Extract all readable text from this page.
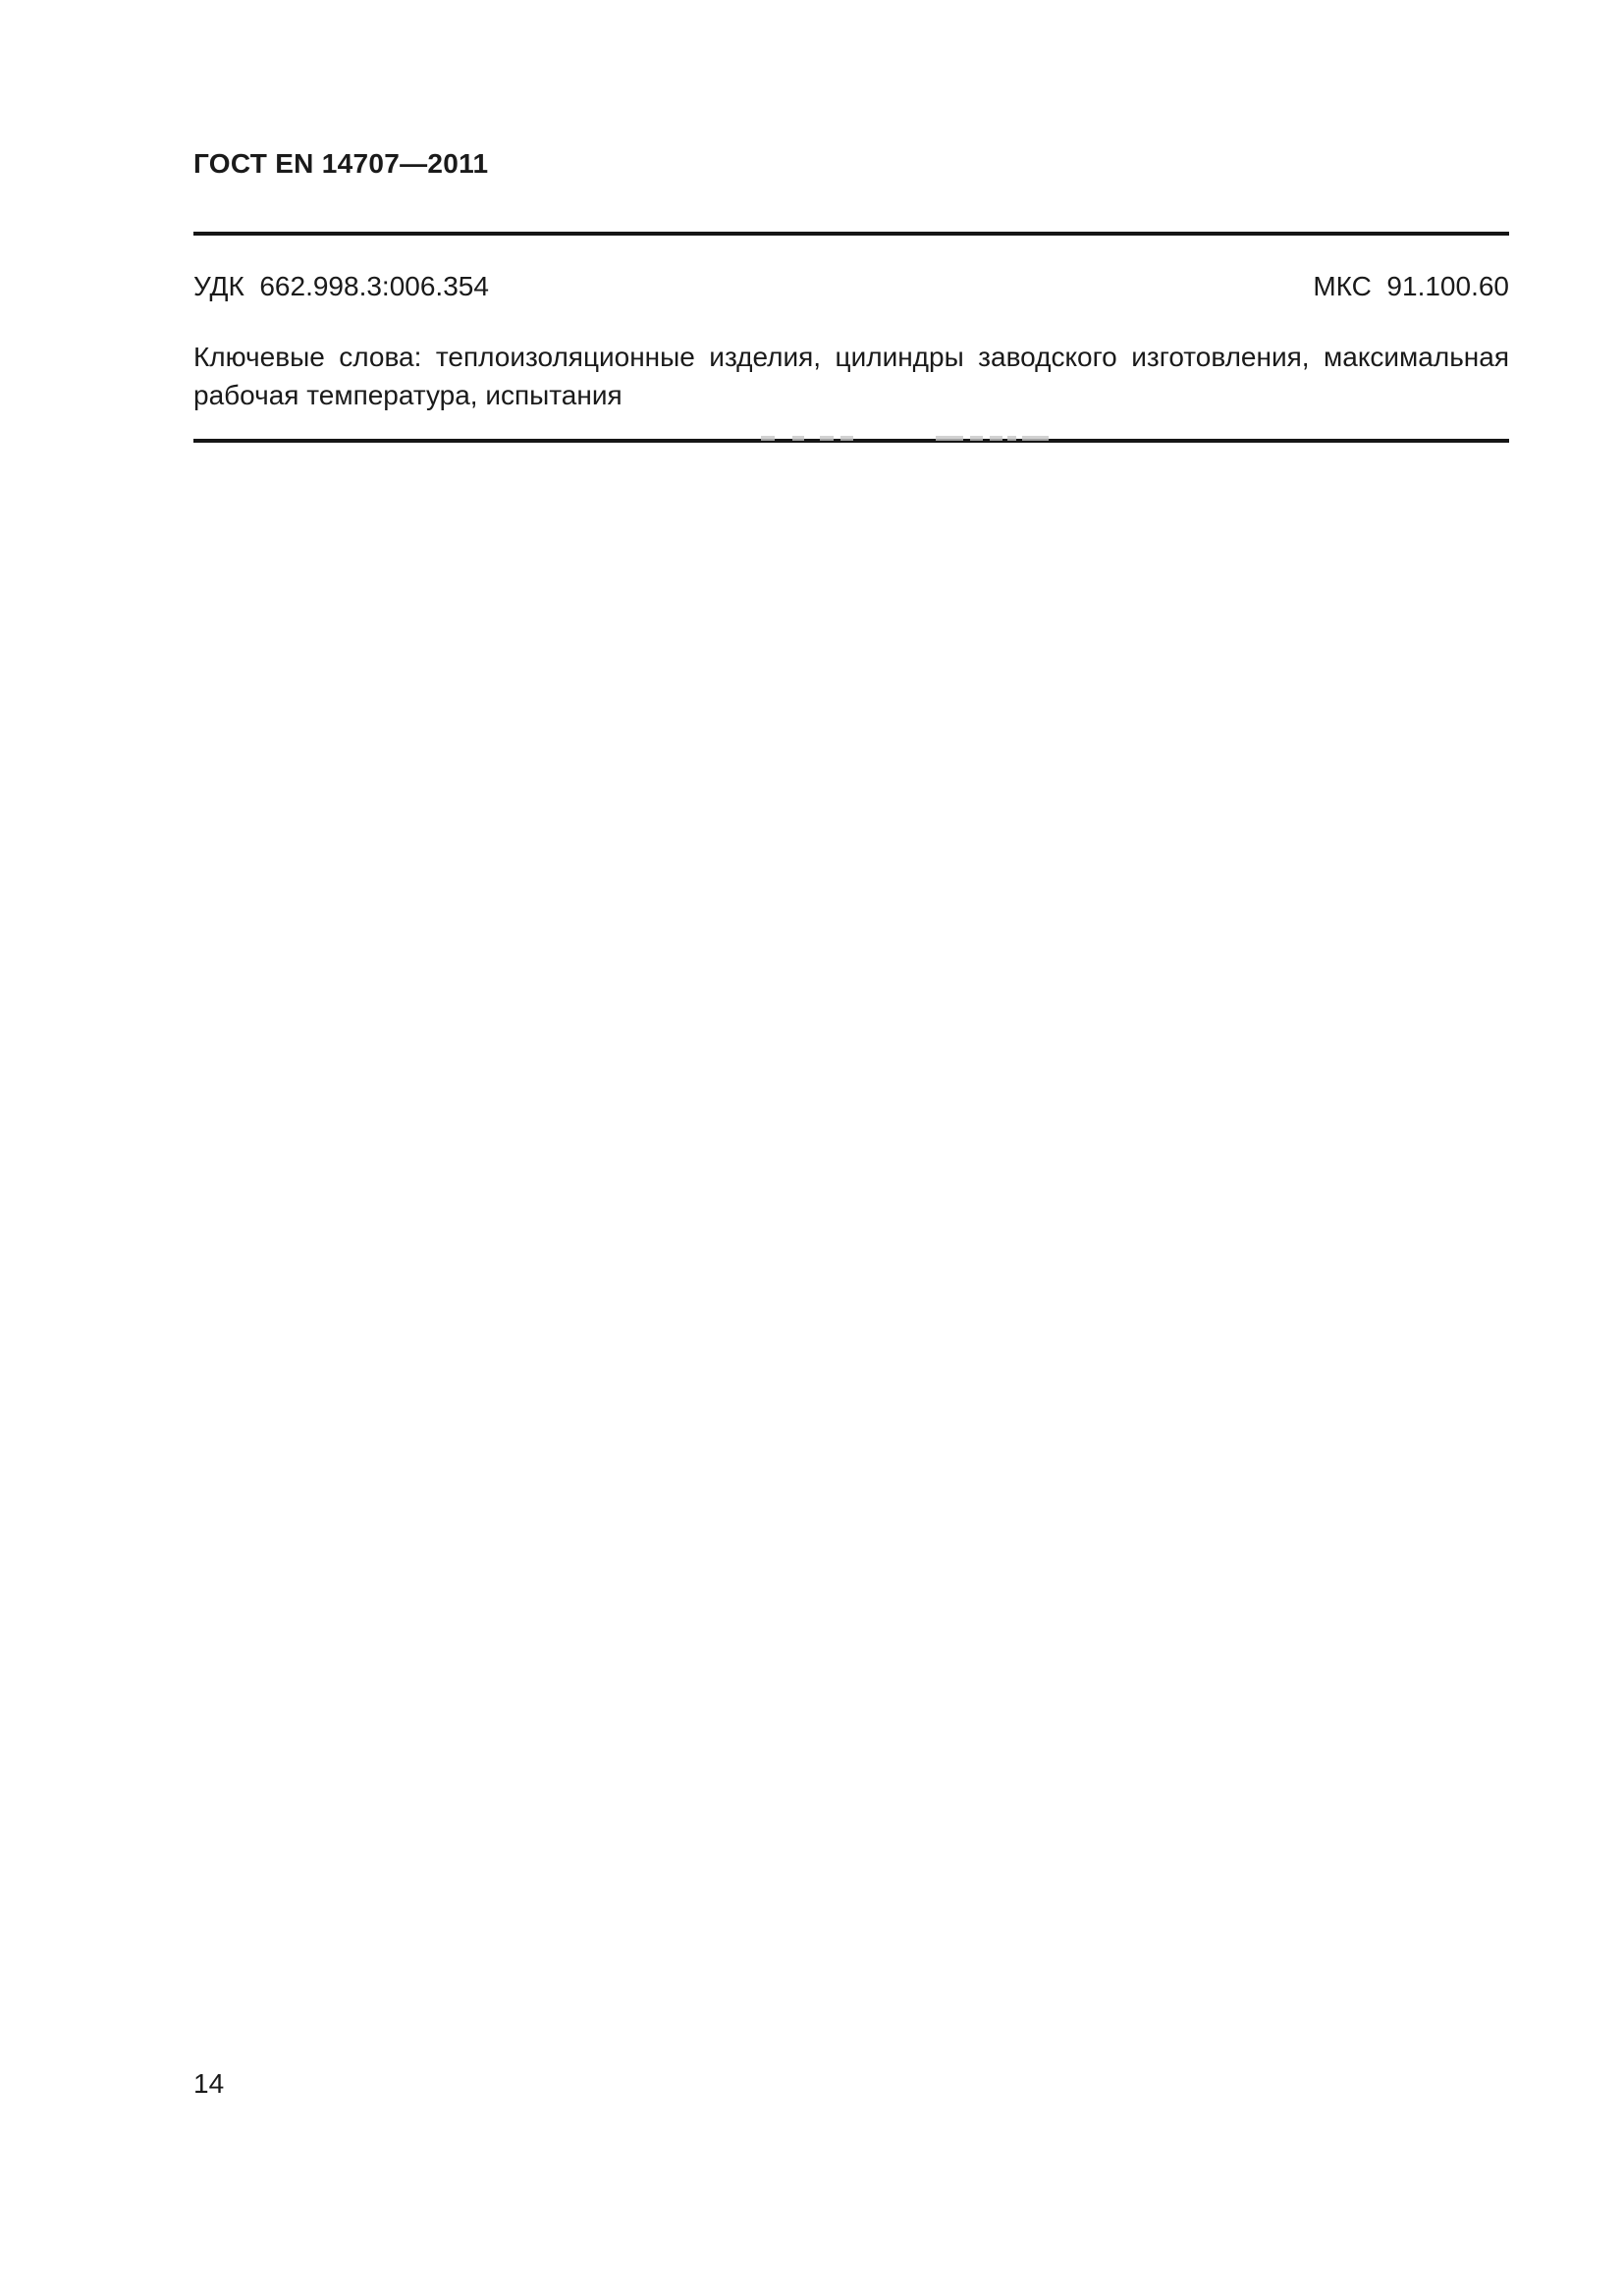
ГОСТ EN 14707—2011
УДК  662.998.3:006.354	МКС  91.100.60

Ключевые слова: теплоизоляционные изделия, цилиндры заводского изготовления, максимальная рабочая температура, испытания

14
